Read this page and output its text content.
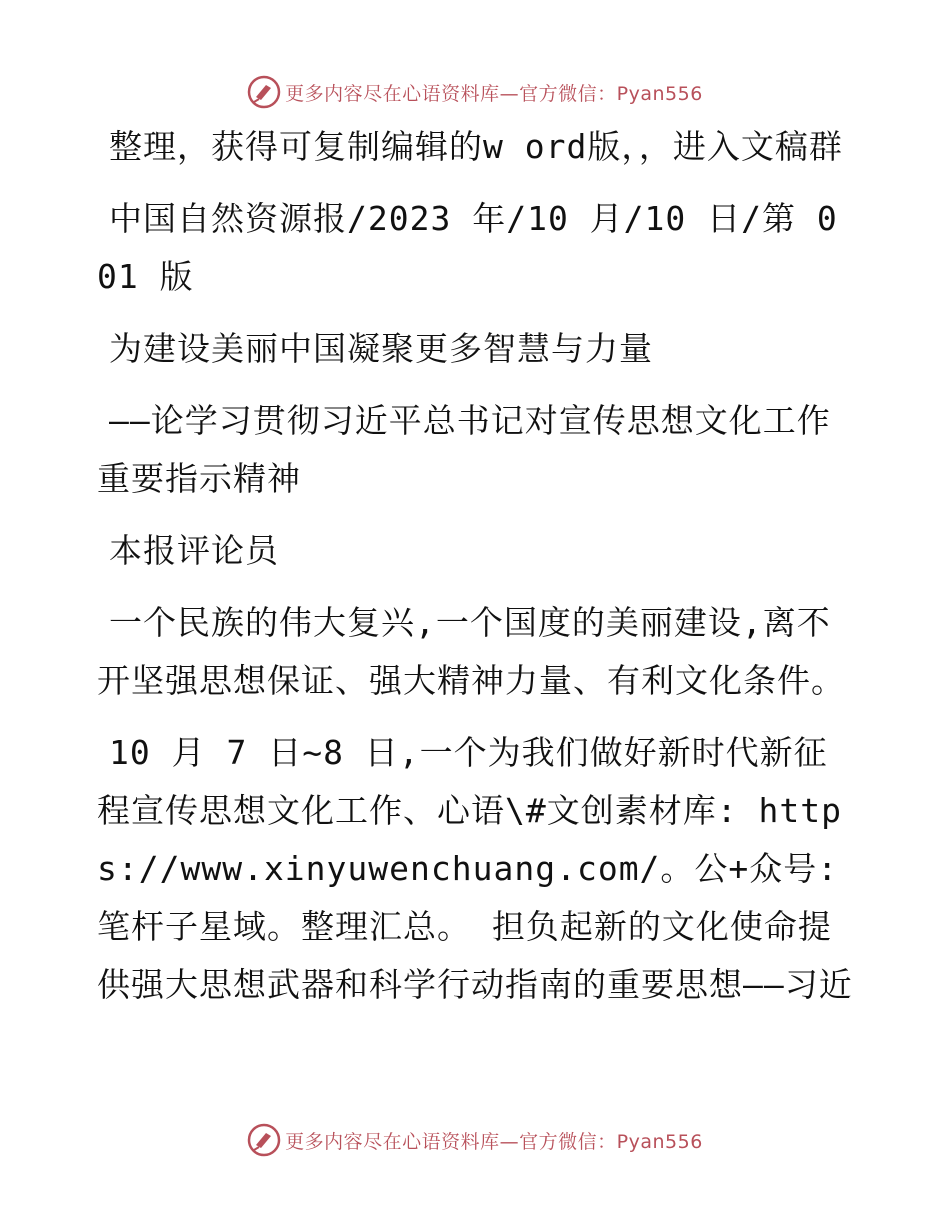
更多内容尽在心语资料库—官方微信：Pyan556

整理，获得可复制编辑的w ord版，，进入文稿群

中国自然资源报/2023 年/10 月/10 日/第 001 版

为建设美丽中国凝聚更多智慧与力量

——论学习贯彻习近平总书记对宣传思想文化工作重要指示精神

本报评论员

一个民族的伟大复兴,一个国度的美丽建设,离不开坚强思想保证、强大精神力量、有利文化条件。

10 月 7 日~8 日,一个为我们做好新时代新征程宣传思想文化工作、心语\#文创素材库: https://www.xinyuwenchuang.com/。公+众号: 笔杆子星域。整理汇总。 担负起新的文化使命提供强大思想武器和科学行动指南的重要思想——习近

更多内容尽在心语资料库—官方微信：Pyan556
